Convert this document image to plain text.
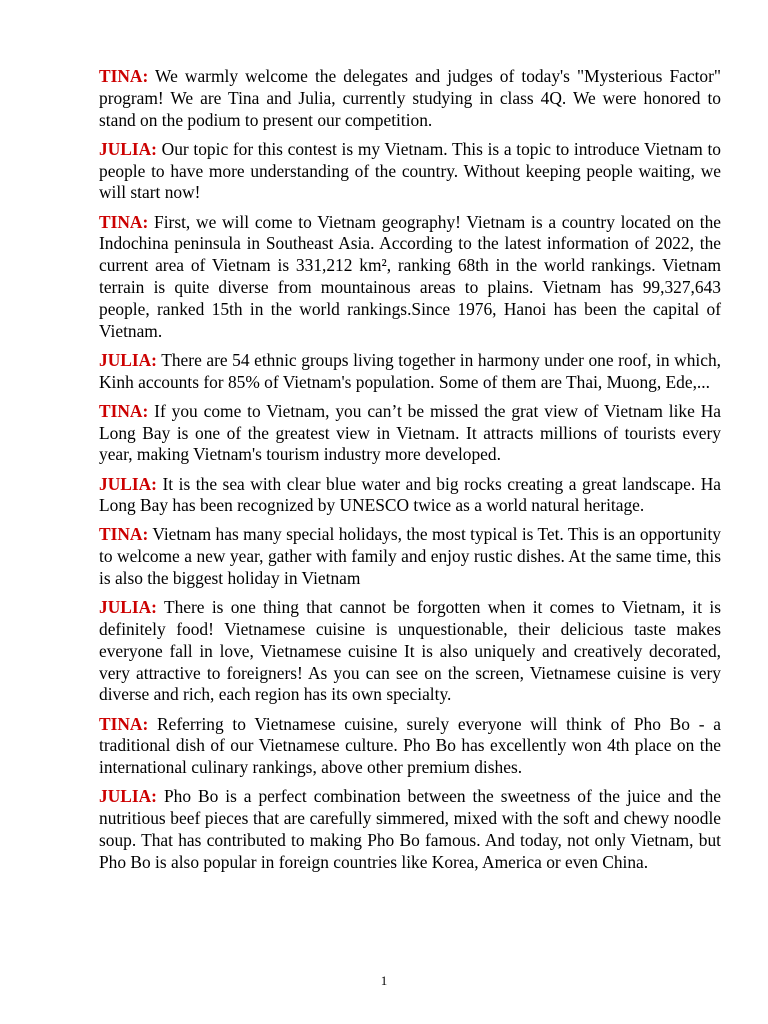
TINA: We warmly welcome the delegates and judges of today's "Mysterious Factor" program! We are Tina and Julia, currently studying in class 4Q. We were honored to stand on the podium to present our competition.

JULIA: Our topic for this contest is my Vietnam. This is a topic to introduce Vietnam to people to have more understanding of the country. Without keeping people waiting, we will start now!

TINA: First, we will come to Vietnam geography! Vietnam is a country located on the Indochina peninsula in Southeast Asia. According to the latest information of 2022, the current area of Vietnam is 331,212 km², ranking 68th in the world rankings. Vietnam terrain is quite diverse from mountainous areas to plains. Vietnam has 99,327,643 people, ranked 15th in the world rankings.Since 1976, Hanoi has been the capital of Vietnam.

JULIA: There are 54 ethnic groups living together in harmony under one roof, in which, Kinh accounts for 85% of Vietnam's population. Some of them are Thai, Muong, Ede,...

TINA: If you come to Vietnam, you can’t be missed the grat view of Vietnam like Ha Long Bay is one of the greatest view in Vietnam. It attracts millions of tourists every year, making Vietnam's tourism industry more developed.

JULIA: It is the sea with clear blue water and big rocks creating a great landscape. Ha Long Bay has been recognized by UNESCO twice as a world natural heritage.

TINA: Vietnam has many special holidays, the most typical is Tet. This is an opportunity to welcome a new year, gather with family and enjoy rustic dishes. At the same time, this is also the biggest holiday in Vietnam

JULIA: There is one thing that cannot be forgotten when it comes to Vietnam, it is definitely food! Vietnamese cuisine is unquestionable, their delicious taste makes everyone fall in love, Vietnamese cuisine It is also uniquely and creatively decorated, very attractive to foreigners! As you can see on the screen, Vietnamese cuisine is very diverse and rich, each region has its own specialty.

TINA: Referring to Vietnamese cuisine, surely everyone will think of Pho Bo - a traditional dish of our Vietnamese culture. Pho Bo has excellently won 4th place on the international culinary rankings, above other premium dishes.

JULIA: Pho Bo is a perfect combination between the sweetness of the juice and the nutritious beef pieces that are carefully simmered, mixed with the soft and chewy noodle soup. That has contributed to making Pho Bo famous. And today, not only Vietnam, but Pho Bo is also popular in foreign countries like Korea, America or even China.

1
